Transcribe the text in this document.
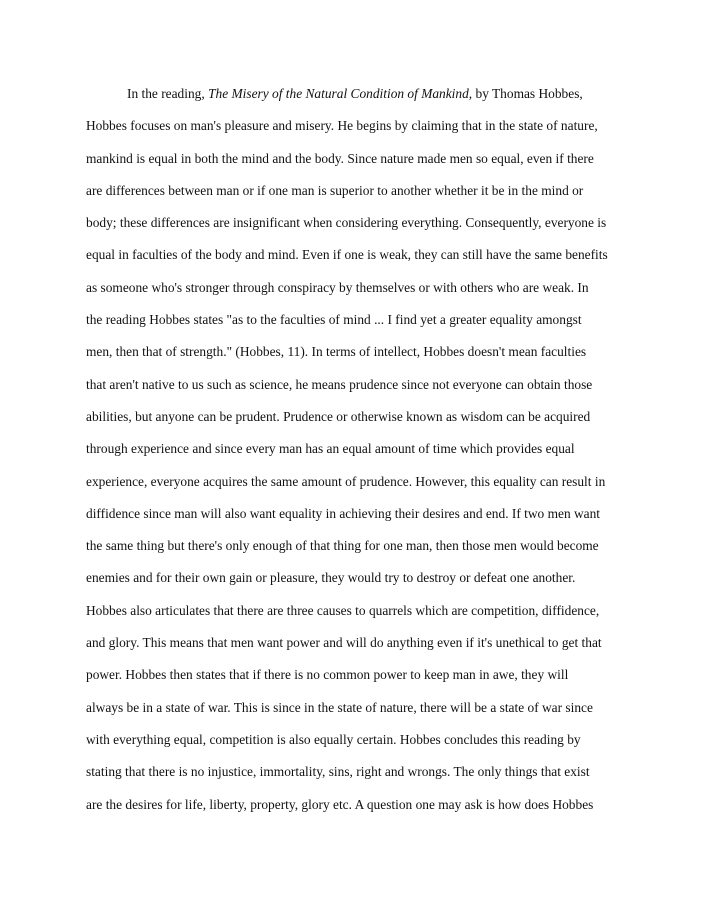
In the reading, The Misery of the Natural Condition of Mankind, by Thomas Hobbes,
Hobbes focuses on man's pleasure and misery. He begins by claiming that in the state of nature,
mankind is equal in both the mind and the body. Since nature made men so equal, even if there
are differences between man or if one man is superior to another whether it be in the mind or
body; these differences are insignificant when considering everything. Consequently, everyone is
equal in faculties of the body and mind. Even if one is weak, they can still have the same benefits
as someone who's stronger through conspiracy by themselves or with others who are weak. In
the reading Hobbes states "as to the faculties of mind ... I find yet a greater equality amongst
men, then that of strength." (Hobbes, 11). In terms of intellect, Hobbes doesn't mean faculties
that aren't native to us such as science, he means prudence since not everyone can obtain those
abilities, but anyone can be prudent. Prudence or otherwise known as wisdom can be acquired
through experience and since every man has an equal amount of time which provides equal
experience, everyone acquires the same amount of prudence. However, this equality can result in
diffidence since man will also want equality in achieving their desires and end. If two men want
the same thing but there's only enough of that thing for one man, then those men would become
enemies and for their own gain or pleasure, they would try to destroy or defeat one another.
Hobbes also articulates that there are three causes to quarrels which are competition, diffidence,
and glory. This means that men want power and will do anything even if it's unethical to get that
power. Hobbes then states that if there is no common power to keep man in awe, they will
always be in a state of war. This is since in the state of nature, there will be a state of war since
with everything equal, competition is also equally certain. Hobbes concludes this reading by
stating that there is no injustice, immortality, sins, right and wrongs. The only things that exist
are the desires for life, liberty, property, glory etc. A question one may ask is how does Hobbes
